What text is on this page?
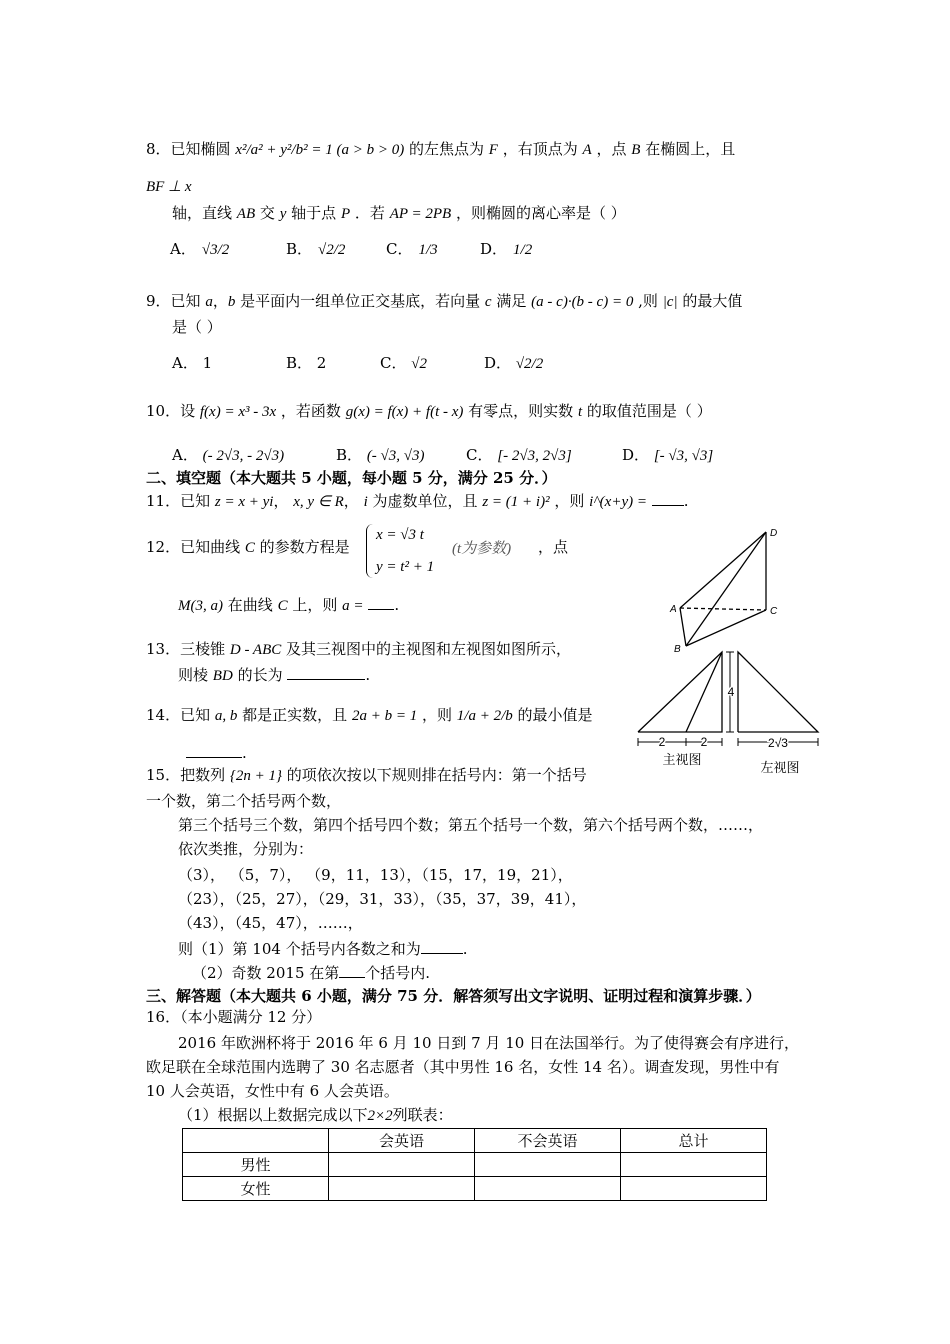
8．已知椭圆 x²/a² + y²/b² = 1 (a > b > 0) 的左焦点为 F ，右顶点为 A ，点 B 在椭圆上，且
BF ⊥ x
轴，直线 AB 交 y 轴于点 P ．若 AP = 2PB ，则椭圆的离心率是（ ）
A． √3/2	B． √2/2	C． 1/3	D． 1/2
9．已知 a，b 是平面内一组单位正交基底，若向量 c 满足 (a - c)·(b - c) = 0 ,则 |c| 的最大值
是（ ）
A． 1	B． 2	C． √2	D． √2/2
10．设 f(x) = x³ - 3x ，若函数 g(x) = f(x) + f(t - x) 有零点，则实数 t 的取值范围是（ ）
A． (- 2√3, - 2√3)	B． (- √3, √3)	C． [- 2√3, 2√3]	D． [- √3, √3]
二、填空题（本大题共 5 小题，每小题 5 分，满分 25 分．）
11．已知 z = x + yi， x, y ∈ R， i 为虚数单位，且 z = (1 + i)² ，则 i^(x+y) = .
12．已知曲线 C 的参数方程是
x = √3 t
y = t² + 1
(t为参数) ，点
M(3, a) 在曲线 C 上，则 a = .
13．三棱锥 D - ABC 及其三视图中的主视图和左视图如图所示，
则棱 BD 的长为	.
14．已知 a, b 都是正实数，且 2a + b = 1 ，则 1/a + 2/b 的最小值是
.
15．把数列 {2n + 1} 的项依次按以下规则排在括号内：第一个括号
一个数，第二个括号两个数，
第三个括号三个数，第四个括号四个数；第五个括号一个数，第六个括号两个数，……，
依次类推，分别为：
（3）， （5，7）， （9，11，13），（15，17，19，21），
（23），（25，27），（29，31，33），（35，37，39，41），
（43），（45，47），……，
则（1）第 104 个括号内各数之和为	.
（2）奇数 2015 在第 个括号内.
三、解答题（本大题共 6 小题，满分 75 分．解答须写出文字说明、证明过程和演算步骤．）
16．（本小题满分 12 分）
2016 年欧洲杯将于 2016 年 6 月 10 日到 7 月 10 日在法国举行。为了使得赛会有序进行，
欧足联在全球范围内选聘了 30 名志愿者（其中男性 16 名，女性 14 名）。调查发现，男性中有
10 人会英语，女性中有 6 人会英语。
（1）根据以上数据完成以下2×2列联表：
	会英语	不会英语	总计
男性			
女性			
D
A	C
B
4
2	2	2√3
主视图
左视图
